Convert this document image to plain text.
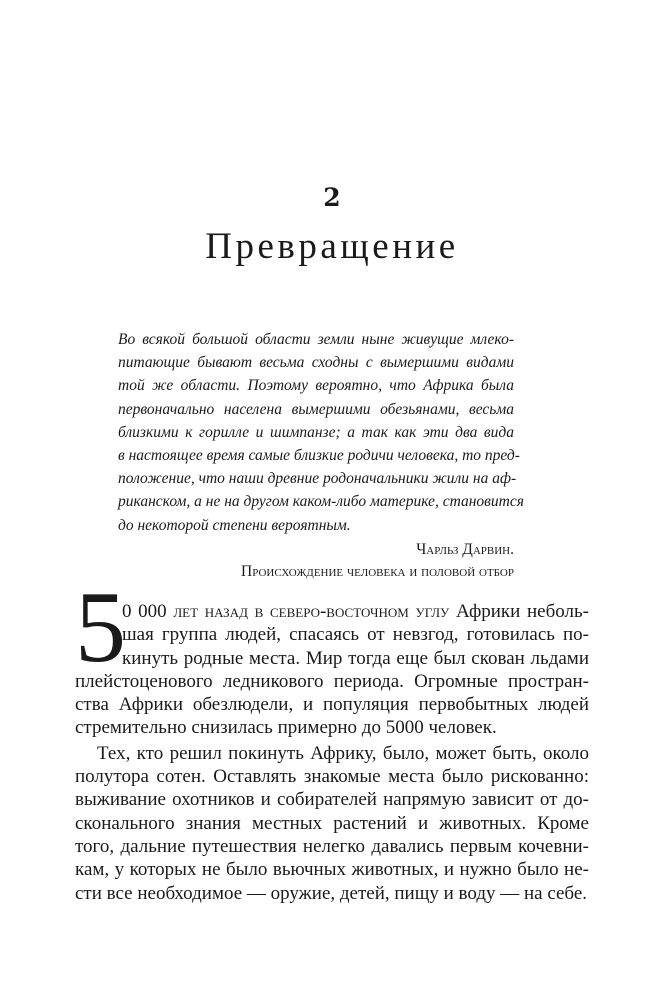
2
Превращение
Во всякой большой области земли ныне живущие млеко-
питающие бывают весьма сходны с вымершими видами
той же области. Поэтому вероятно, что Африка была
первоначально населена вымершими обезьянами, весьма
близкими к горилле и шимпанзе; а так как эти два вида
в настоящее время самые близкие родичи человека, то пред-
положение, что наши древние родоначальники жили на аф-
риканском, а не на другом каком-либо материке, становится
до некоторой степени вероятным.
Чарльз Дарвин.
Происхождение человека и половой отбор
5
0 000 лет назад в северо-восточном углу Африки неболь-
шая группа людей, спасаясь от невзгод, готовилась по-
кинуть родные места. Мир тогда еще был скован льдами
плейстоценового ледникового периода. Огромные простран-
ства Африки обезлюдели, и популяция первобытных людей
стремительно снизилась примерно до 5000 человек.
Тех, кто решил покинуть Африку, было, может быть, около
полутора сотен. Оставлять знакомые места было рискованно:
выживание охотников и собирателей напрямую зависит от до-
сконального знания местных растений и животных. Кроме
того, дальние путешествия нелегко давались первым кочевни-
кам, у которых не было вьючных животных, и нужно было не-
сти все необходимое — оружие, детей, пищу и воду — на себе.
